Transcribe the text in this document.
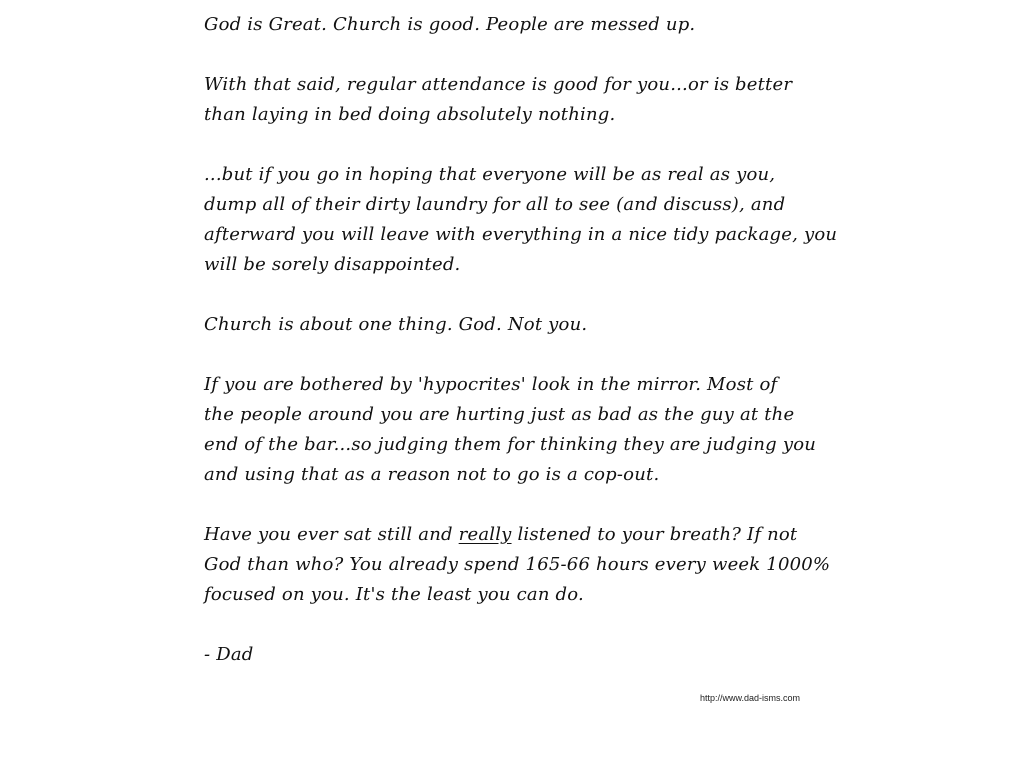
God is Great. Church is good. People are messed up.
With that said, regular attendance is good for you...or is better
than laying in bed doing absolutely nothing.
...but if you go in hoping that everyone will be as real as you,
dump all of their dirty laundry for all to see (and discuss), and
afterward you will leave with everything in a nice tidy package, you
will be sorely disappointed.
Church is about one thing. God. Not you.
If you are bothered by 'hypocrites' look in the mirror. Most of
the people around you are hurting just as bad as the guy at the
end of the bar...so judging them for thinking they are judging you
and using that as a reason not to go is a cop-out.
Have you ever sat still and really listened to your breath? If not
God than who? You already spend 165-66 hours every week 1000%
focused on you. It's the least you can do.
- Dad
http://www.dad-isms.com
